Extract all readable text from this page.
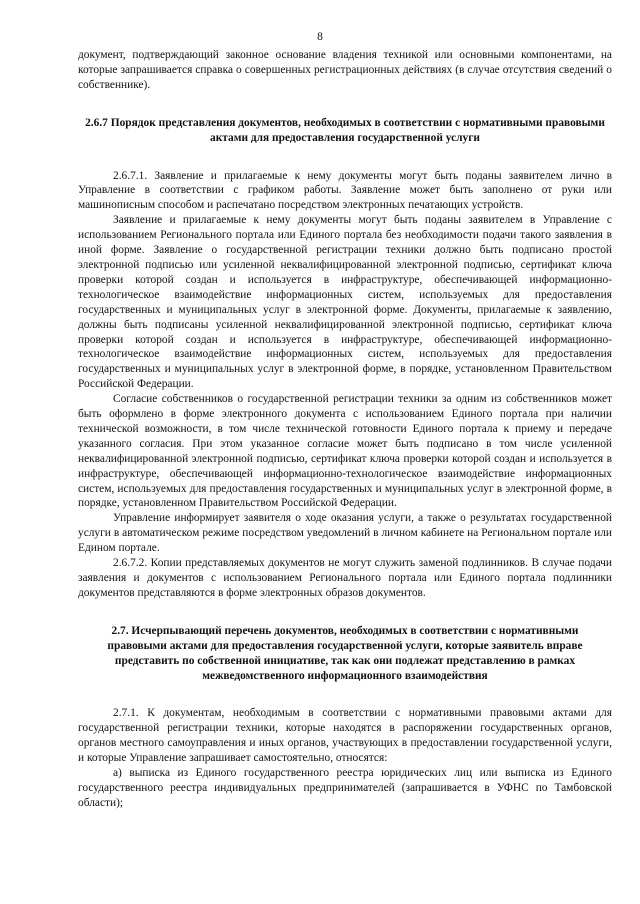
8

документ, подтверждающий законное основание владения техникой или основными компонентами, на которые запрашивается справка о совершенных регистрационных действиях (в случае отсутствия сведений о собственнике).

2.6.7 Порядок представления документов, необходимых в соответствии с нормативными правовыми актами для предоставления государственной услуги

2.6.7.1. Заявление и прилагаемые к нему документы могут быть поданы заявителем лично в Управление в соответствии с графиком работы. Заявление может быть заполнено от руки или машинописным способом и распечатано посредством электронных печатающих устройств.

Заявление и прилагаемые к нему документы могут быть поданы заявителем в Управление с использованием Регионального портала или Единого портала без необходимости подачи такого заявления в иной форме. Заявление о государственной регистрации техники должно быть подписано простой электронной подписью или усиленной неквалифицированной электронной подписью, сертификат ключа проверки которой создан и используется в инфраструктуре, обеспечивающей информационно-технологическое взаимодействие информационных систем, используемых для предоставления государственных и муниципальных услуг в электронной форме. Документы, прилагаемые к заявлению, должны быть подписаны усиленной неквалифицированной электронной подписью, сертификат ключа проверки которой создан и используется в инфраструктуре, обеспечивающей информационно-технологическое взаимодействие информационных систем, используемых для предоставления государственных и муниципальных услуг в электронной форме, в порядке, установленном Правительством Российской Федерации.

Согласие собственников о государственной регистрации техники за одним из собственников может быть оформлено в форме электронного документа с использованием Единого портала при наличии технической возможности, в том числе технической готовности Единого портала к приему и передаче указанного согласия. При этом указанное согласие может быть подписано в том числе усиленной неквалифицированной электронной подписью, сертификат ключа проверки которой создан и используется в инфраструктуре, обеспечивающей информационно-технологическое взаимодействие информационных систем, используемых для предоставления государственных и муниципальных услуг в электронной форме, в порядке, установленном Правительством Российской Федерации.

Управление информирует заявителя о ходе оказания услуги, а также о результатах государственной услуги в автоматическом режиме посредством уведомлений в личном кабинете на Региональном портале или Едином портале.

2.6.7.2. Копии представляемых документов не могут служить заменой подлинников. В случае подачи заявления и документов с использованием Регионального портала или Единого портала подлинники документов представляются в форме электронных образов документов.

2.7. Исчерпывающий перечень документов, необходимых в соответствии с нормативными правовыми актами для предоставления государственной услуги, которые заявитель вправе представить по собственной инициативе, так как они подлежат представлению в рамках межведомственного информационного взаимодействия

2.7.1. К документам, необходимым в соответствии с нормативными правовыми актами для государственной регистрации техники, которые находятся в распоряжении государственных органов, органов местного самоуправления и иных органов, участвующих в предоставлении государственной услуги, и которые Управление запрашивает самостоятельно, относятся:

а) выписка из Единого государственного реестра юридических лиц или выписка из Единого государственного реестра индивидуальных предпринимателей (запрашивается в УФНС по Тамбовской области);
